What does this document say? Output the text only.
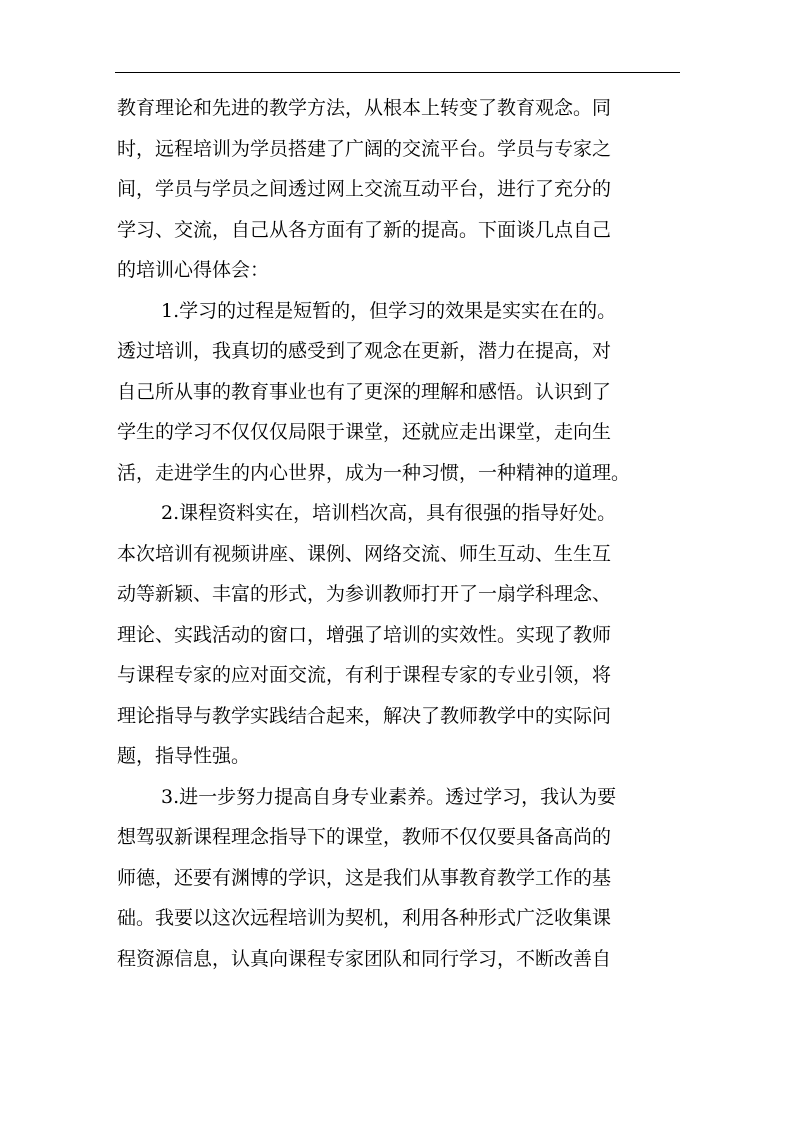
教育理论和先进的教学方法，从根本上转变了教育观念。同
时，远程培训为学员搭建了广阔的交流平台。学员与专家之
间，学员与学员之间透过网上交流互动平台，进行了充分的
学习、交流，自己从各方面有了新的提高。下面谈几点自己
的培训心得体会：
1.学习的过程是短暂的，但学习的效果是实实在在的。
透过培训，我真切的感受到了观念在更新，潜力在提高，对
自己所从事的教育事业也有了更深的理解和感悟。认识到了
学生的学习不仅仅仅局限于课堂，还就应走出课堂，走向生
活，走进学生的内心世界，成为一种习惯，一种精神的道理。
2.课程资料实在，培训档次高，具有很强的指导好处。
本次培训有视频讲座、课例、网络交流、师生互动、生生互
动等新颖、丰富的形式，为参训教师打开了一扇学科理念、
理论、实践活动的窗口，增强了培训的实效性。实现了教师
与课程专家的应对面交流，有利于课程专家的专业引领，将
理论指导与教学实践结合起来，解决了教师教学中的实际问
题，指导性强。
3.进一步努力提高自身专业素养。透过学习，我认为要
想驾驭新课程理念指导下的课堂，教师不仅仅要具备高尚的
师德，还要有渊博的学识，这是我们从事教育教学工作的基
础。我要以这次远程培训为契机，利用各种形式广泛收集课
程资源信息，认真向课程专家团队和同行学习，不断改善自
